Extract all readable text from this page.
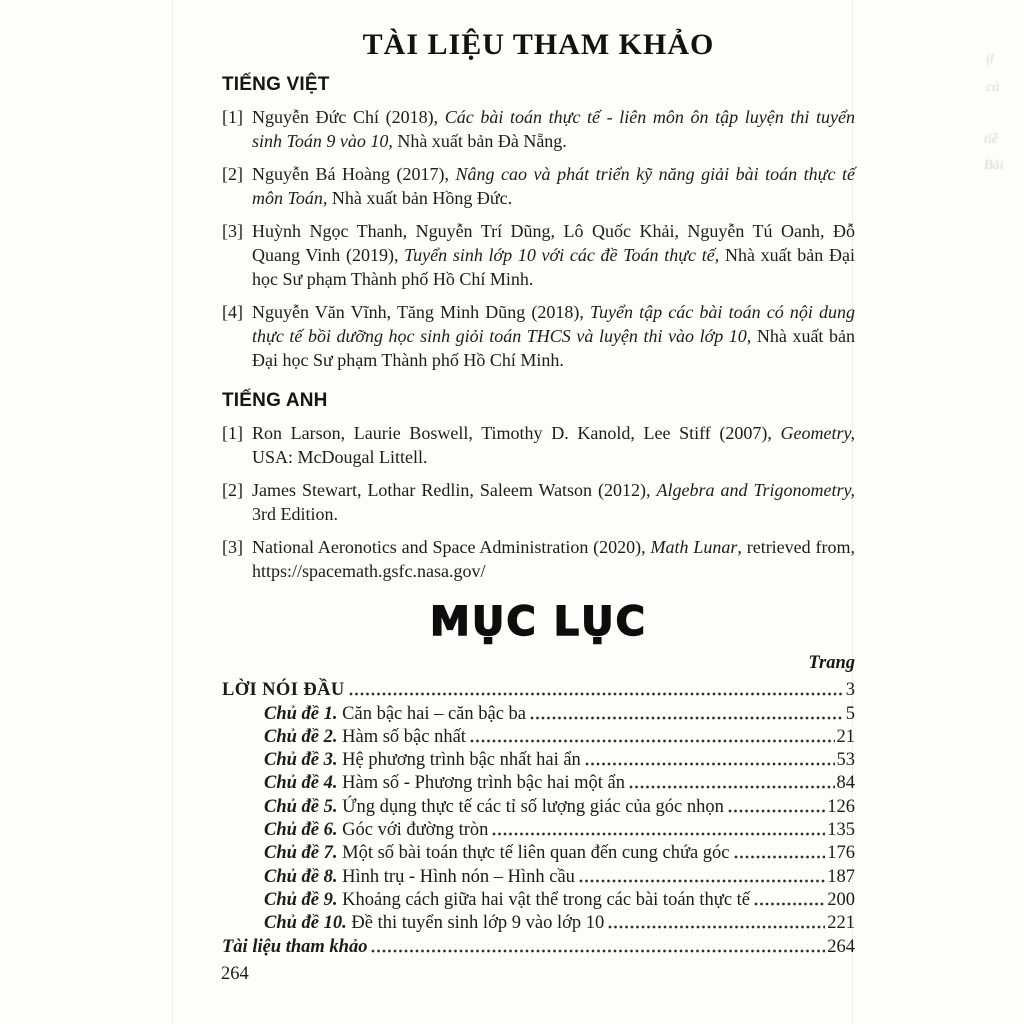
ịl
cά
tiề
Bài
TÀI LIỆU THAM KHẢO
TIẾNG VIỆT
[1] Nguyễn Đức Chí (2018), Các bài toán thực tế - liên môn ôn tập luyện thi tuyển sinh Toán 9 vào 10, Nhà xuất bản Đà Nẵng.
[2] Nguyễn Bá Hoàng (2017), Nâng cao và phát triển kỹ năng giải bài toán thực tế môn Toán, Nhà xuất bản Hồng Đức.
[3] Huỳnh Ngọc Thanh, Nguyễn Trí Dũng, Lô Quốc Khải, Nguyễn Tú Oanh, Đỗ Quang Vinh (2019), Tuyển sinh lớp 10 với các đề Toán thực tế, Nhà xuất bản Đại học Sư phạm Thành phố Hồ Chí Minh.
[4] Nguyễn Văn Vĩnh, Tăng Minh Dũng (2018), Tuyển tập các bài toán có nội dung thực tế bồi dưỡng học sinh giỏi toán THCS và luyện thi vào lớp 10, Nhà xuất bản Đại học Sư phạm Thành phố Hồ Chí Minh.
TIẾNG ANH
[1] Ron Larson, Laurie Boswell, Timothy D. Kanold, Lee Stiff (2007), Geometry, USA: McDougal Littell.
[2] James Stewart, Lothar Redlin, Saleem Watson (2012), Algebra and Trigonometry, 3rd Edition.
[3] National Aeronotics and Space Administration (2020), Math Lunar, retrieved from, https://spacemath.gsfc.nasa.gov/
MỤC LỤC
Trang
LỜI NÓI ĐẦU	3
Chủ đề 1. Căn bậc hai – căn bậc ba	5
Chủ đề 2. Hàm số bậc nhất	21
Chủ đề 3. Hệ phương trình bậc nhất hai ẩn	53
Chủ đề 4. Hàm số - Phương trình bậc hai một ẩn	84
Chủ đề 5. Ứng dụng thực tế các tỉ số lượng giác của góc nhọn	126
Chủ đề 6. Góc với đường tròn	135
Chủ đề 7. Một số bài toán thực tế liên quan đến cung chứa góc	176
Chủ đề 8. Hình trụ - Hình nón – Hình cầu	187
Chủ đề 9. Khoảng cách giữa hai vật thể trong các bài toán thực tế	200
Chủ đề 10. Đề thi tuyển sinh lớp 9 vào lớp 10	221
Tài liệu tham khảo	264
264
